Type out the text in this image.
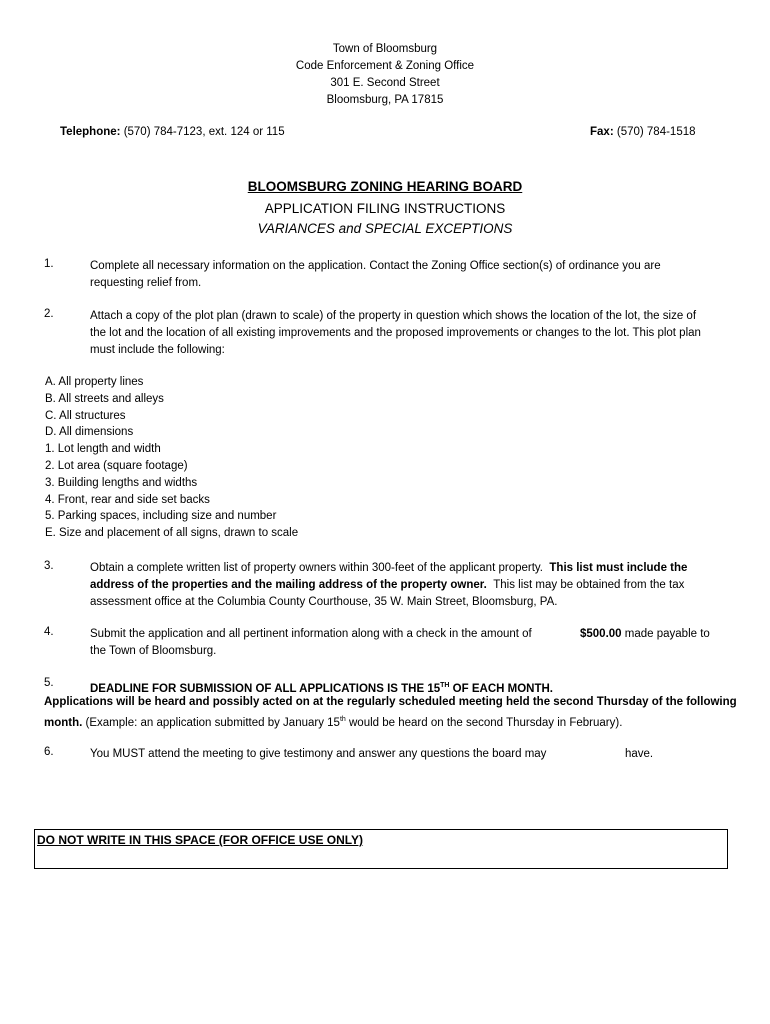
Town of Bloomsburg
Code Enforcement & Zoning Office
301 E. Second Street
Bloomsburg, PA 17815
Telephone: (570) 784-7123, ext. 124 or 115	Fax: (570) 784-1518
BLOOMSBURG ZONING HEARING BOARD
APPLICATION FILING INSTRUCTIONS
VARIANCES and SPECIAL EXCEPTIONS
1.	Complete all necessary information on the application. Contact the Zoning Office section(s) of ordinance you are
requesting relief from.
2.	Attach a copy of the plot plan (drawn to scale) of the property in question which shows the location of the lot, the size of
the lot and the location of all existing improvements and the proposed improvements or changes to the lot. This plot plan
must include the following:
A. All property lines
B. All streets and alleys
C. All structures
D. All dimensions
1. Lot length and width
2. Lot area (square footage)
3. Building lengths and widths
4. Front, rear and side set backs
5. Parking spaces, including size and number
E. Size and placement of all signs, drawn to scale
3.	Obtain a complete written list of property owners within 300-feet of the applicant property. This list must include the
address of the properties and the mailing address of the property owner. This list may be obtained from the tax
assessment office at the Columbia County Courthouse, 35 W. Main Street, Bloomsburg, PA.
4.	Submit the application and all pertinent information along with a check in the amount of	$500.00 made payable to
the Town of Bloomsburg.
5.	DEADLINE FOR SUBMISSION OF ALL APPLICATIONS IS THE 15TH OF EACH MONTH.
Applications will be heard and possibly acted on at the regularly scheduled meeting held the second Thursday of the following
month. (Example: an application submitted by January 15th would be heard on the second Thursday in February).
6.	You MUST attend the meeting to give testimony and answer any questions the board may	have.
DO NOT WRITE IN THIS SPACE (FOR OFFICE USE ONLY)
